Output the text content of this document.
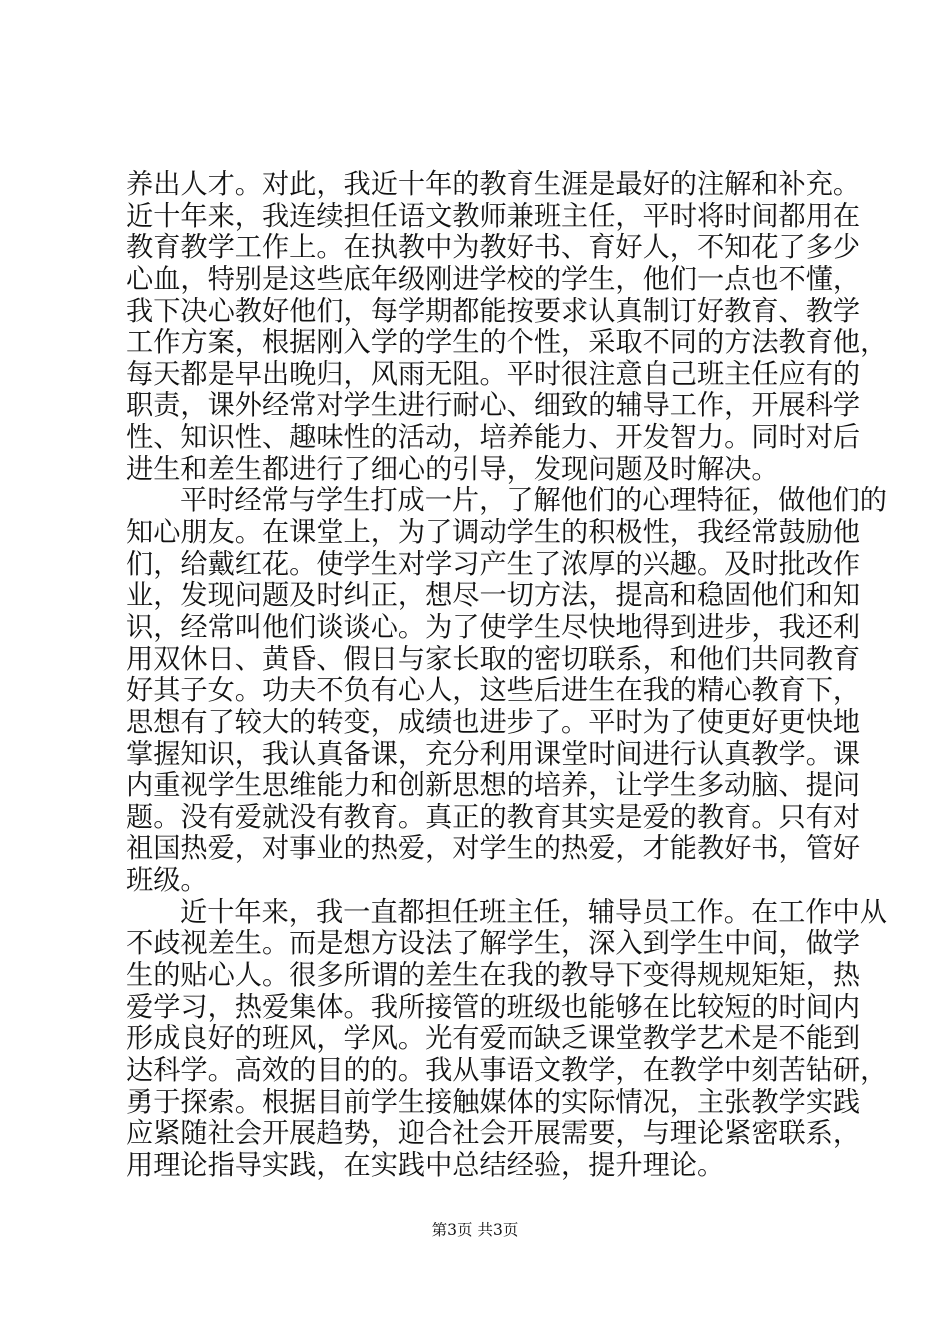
养出人才。对此，我近十年的教育生涯是最好的注解和补充。
近十年来，我连续担任语文教师兼班主任，平时将时间都用在
教育教学工作上。在执教中为教好书、育好人，不知花了多少
心血，特别是这些底年级刚进学校的学生，他们一点也不懂，
我下决心教好他们，每学期都能按要求认真制订好教育、教学
工作方案，根据刚入学的学生的个性，采取不同的方法教育他，
每天都是早出晚归，风雨无阻。平时很注意自己班主任应有的
职责，课外经常对学生进行耐心、细致的辅导工作，开展科学
性、知识性、趣味性的活动，培养能力、开发智力。同时对后
进生和差生都进行了细心的引导，发现问题及时解决。
平时经常与学生打成一片，了解他们的心理特征，做他们的
知心朋友。在课堂上，为了调动学生的积极性，我经常鼓励他
们，给戴红花。使学生对学习产生了浓厚的兴趣。及时批改作
业，发现问题及时纠正，想尽一切方法，提高和稳固他们和知
识，经常叫他们谈谈心。为了使学生尽快地得到进步，我还利
用双休日、黄昏、假日与家长取的密切联系，和他们共同教育
好其子女。功夫不负有心人，这些后进生在我的精心教育下，
思想有了较大的转变，成绩也进步了。平时为了使更好更快地
掌握知识，我认真备课，充分利用课堂时间进行认真教学。课
内重视学生思维能力和创新思想的培养，让学生多动脑、提问
题。没有爱就没有教育。真正的教育其实是爱的教育。只有对
祖国热爱，对事业的热爱，对学生的热爱，才能教好书，管好
班级。
近十年来，我一直都担任班主任，辅导员工作。在工作中从
不歧视差生。而是想方设法了解学生，深入到学生中间，做学
生的贴心人。很多所谓的差生在我的教导下变得规规矩矩，热
爱学习，热爱集体。我所接管的班级也能够在比较短的时间内
形成良好的班风，学风。光有爱而缺乏课堂教学艺术是不能到
达科学。高效的目的的。我从事语文教学，在教学中刻苦钻研，
勇于探索。根据目前学生接触媒体的实际情况，主张教学实践
应紧随社会开展趋势，迎合社会开展需要，与理论紧密联系，
用理论指导实践，在实践中总结经验，提升理论。
第3页 共3页
